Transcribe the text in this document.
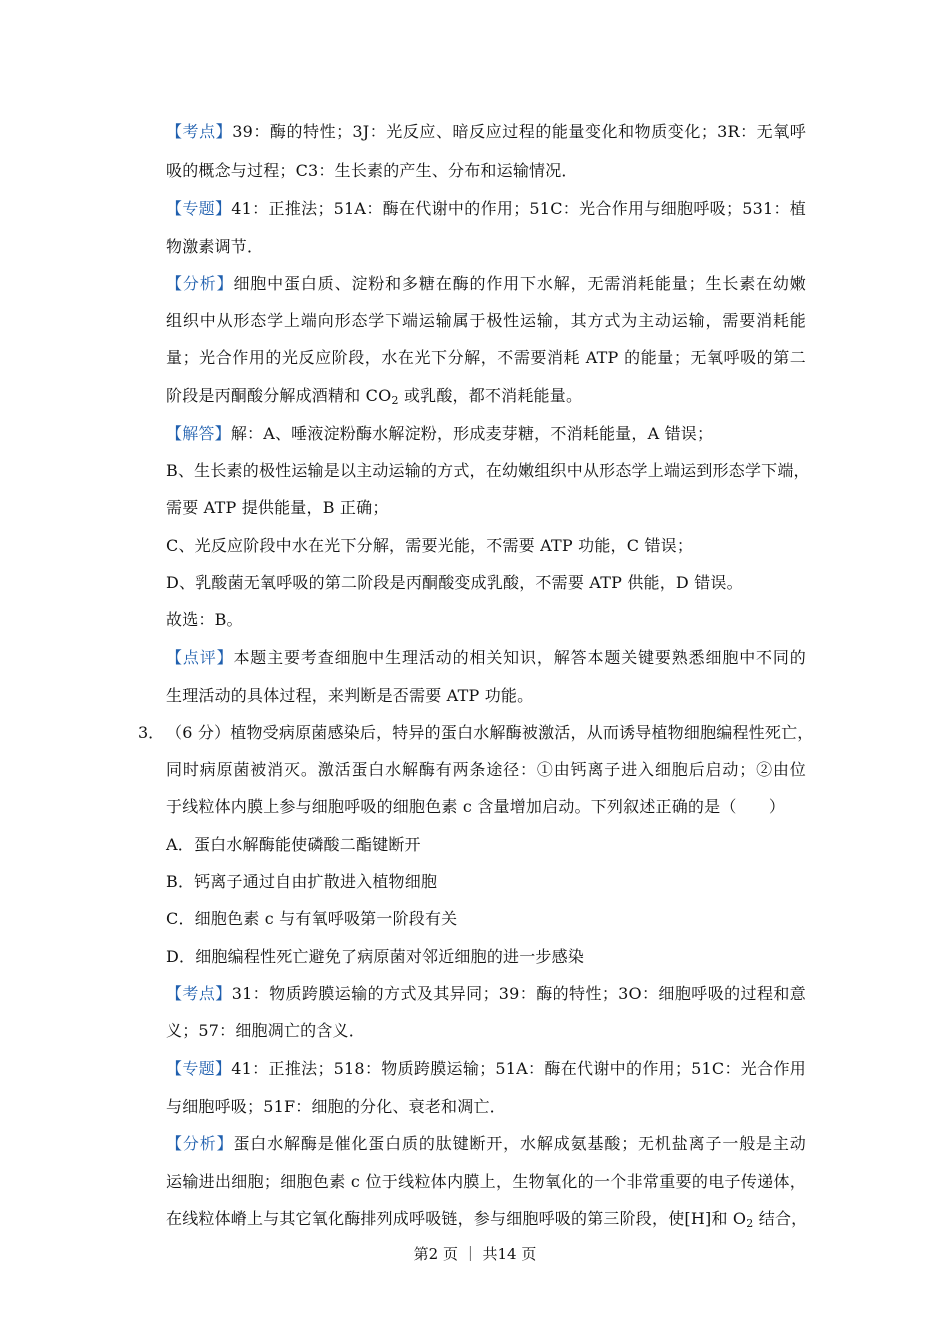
【考点】39：酶的特性；3J：光反应、暗反应过程的能量变化和物质变化；3R：无氧呼
吸的概念与过程；C3：生长素的产生、分布和运输情况．
【专题】41：正推法；51A：酶在代谢中的作用；51C：光合作用与细胞呼吸；531：植
物激素调节．
【分析】细胞中蛋白质、淀粉和多糖在酶的作用下水解，无需消耗能量；生长素在幼嫩
组织中从形态学上端向形态学下端运输属于极性运输，其方式为主动运输，需要消耗能
量；光合作用的光反应阶段，水在光下分解，不需要消耗 ATP 的能量；无氧呼吸的第二
阶段是丙酮酸分解成酒精和 $CO_2$ 或乳酸，都不消耗能量。
【解答】解：A、唾液淀粉酶水解淀粉，形成麦芽糖，不消耗能量，A 错误；
B、生长素的极性运输是以主动运输的方式，在幼嫩组织中从形态学上端运到形态学下端，
需要 ATP 提供能量，B 正确；
C、光反应阶段中水在光下分解，需要光能，不需要 ATP 功能，C 错误；
D、乳酸菌无氧呼吸的第二阶段是丙酮酸变成乳酸，不需要 ATP 供能，D 错误。
故选：B。
【点评】本题主要考查细胞中生理活动的相关知识，解答本题关键要熟悉细胞中不同的
生理活动的具体过程，来判断是否需要 ATP 功能。
3． （6 分）植物受病原菌感染后，特异的蛋白水解酶被激活，从而诱导植物细胞编程性死亡，
同时病原菌被消灭。激活蛋白水解酶有两条途径：①由钙离子进入细胞后启动；②由位
于线粒体内膜上参与细胞呼吸的细胞色素 c 含量增加启动。下列叙述正确的是（　　）
A．蛋白水解酶能使磷酸二酯键断开
B．钙离子通过自由扩散进入植物细胞
C．细胞色素 c 与有氧呼吸第一阶段有关
D．细胞编程性死亡避免了病原菌对邻近细胞的进一步感染
【考点】31：物质跨膜运输的方式及其异同；39：酶的特性；3O：细胞呼吸的过程和意
义；57：细胞凋亡的含义．
【专题】41：正推法；518：物质跨膜运输；51A：酶在代谢中的作用；51C：光合作用
与细胞呼吸；51F：细胞的分化、衰老和凋亡．
【分析】蛋白水解酶是催化蛋白质的肽键断开，水解成氨基酸；无机盐离子一般是主动
运输进出细胞；细胞色素 c 位于线粒体内膜上，生物氧化的一个非常重要的电子传递体，
在线粒体嵴上与其它氧化酶排列成呼吸链，参与细胞呼吸的第三阶段，使[H]和 $O_2$ 结合，
第2 页 ｜ 共14 页
